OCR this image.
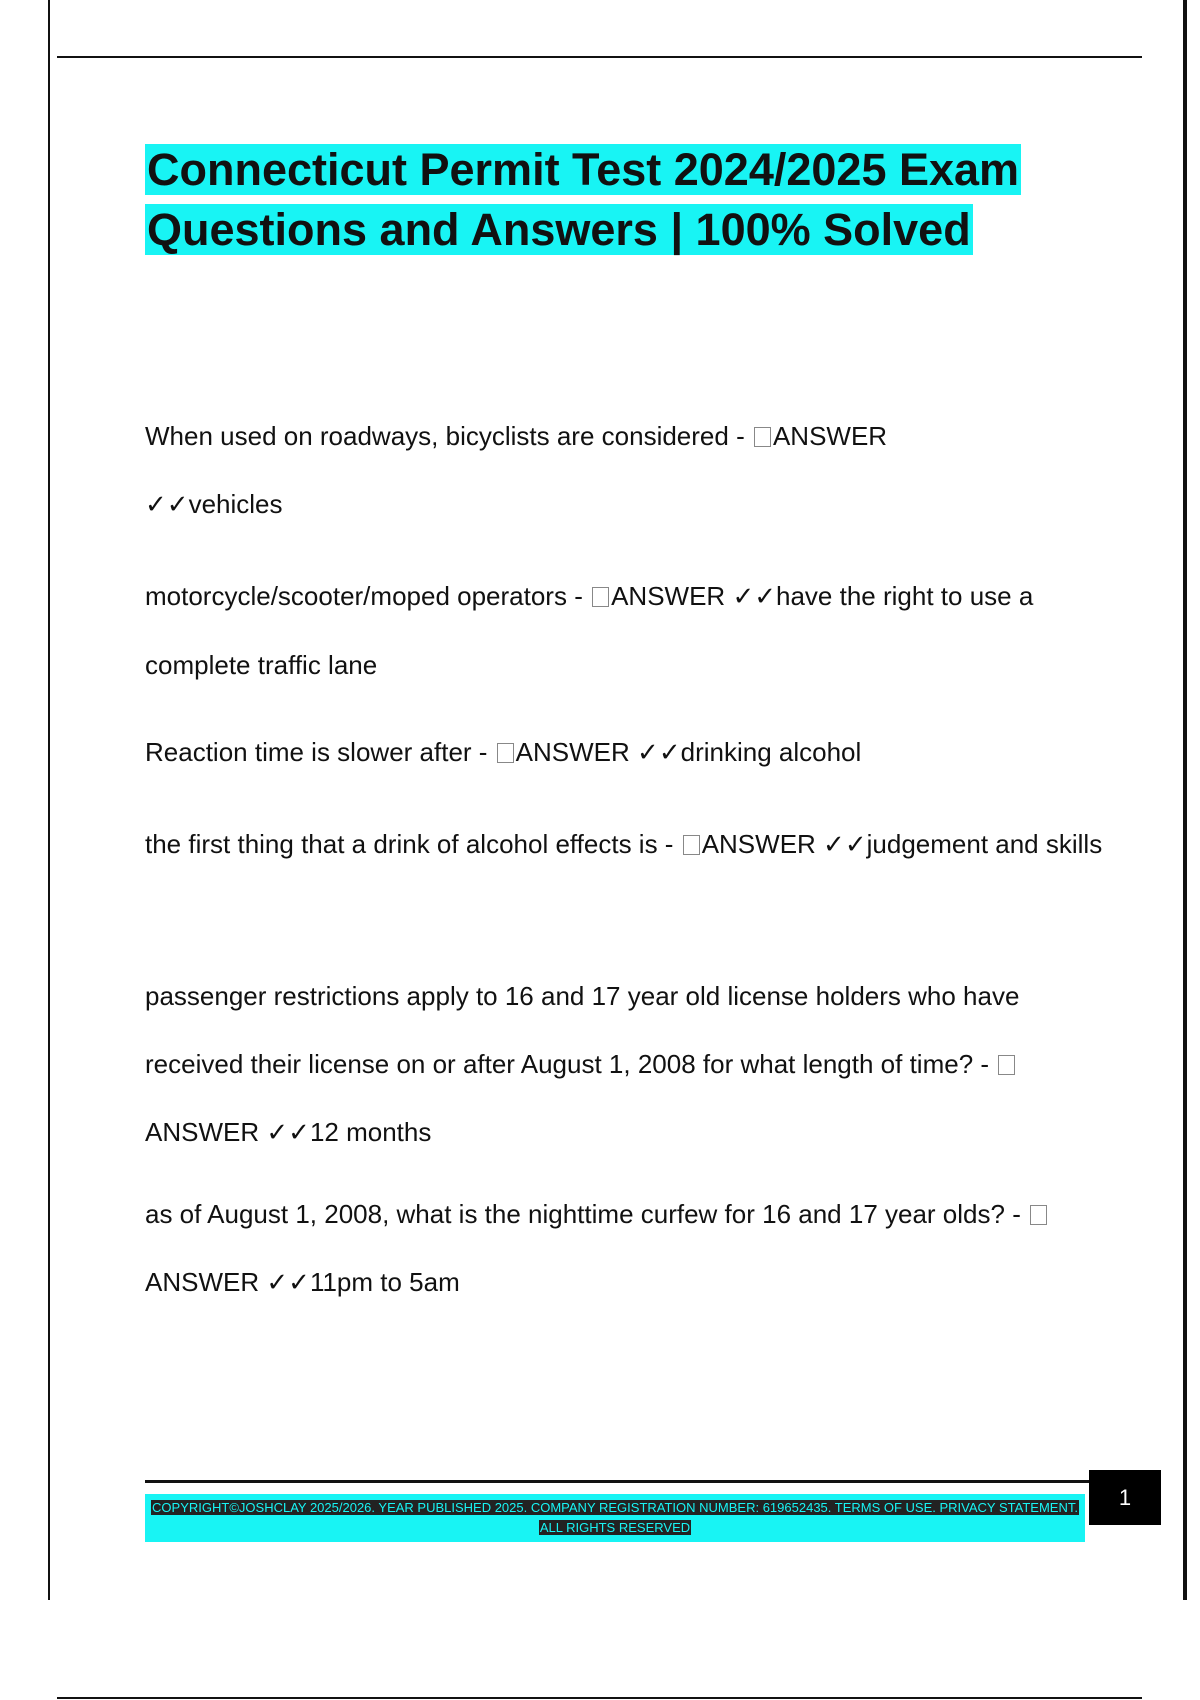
Connecticut Permit Test 2024/2025 Exam Questions and Answers | 100% Solved

When used on roadways, bicyclists are considered - ANSWER
✓✓vehicles

motorcycle/scooter/moped operators - ANSWER ✓✓have the right to use a complete traffic lane

Reaction time is slower after - ANSWER ✓✓drinking alcohol

the first thing that a drink of alcohol effects is - ANSWER ✓✓judgement and skills

passenger restrictions apply to 16 and 17 year old license holders who have received their license on or after August 1, 2008 for what length of time? - ANSWER ✓✓12 months

as of August 1, 2008, what is the nighttime curfew for 16 and 17 year olds? - ANSWER ✓✓11pm to 5am

COPYRIGHT©JOSHCLAY 2025/2026. YEAR PUBLISHED 2025. COMPANY REGISTRATION NUMBER: 619652435. TERMS OF USE. PRIVACY STATEMENT. ALL RIGHTS RESERVED
1
